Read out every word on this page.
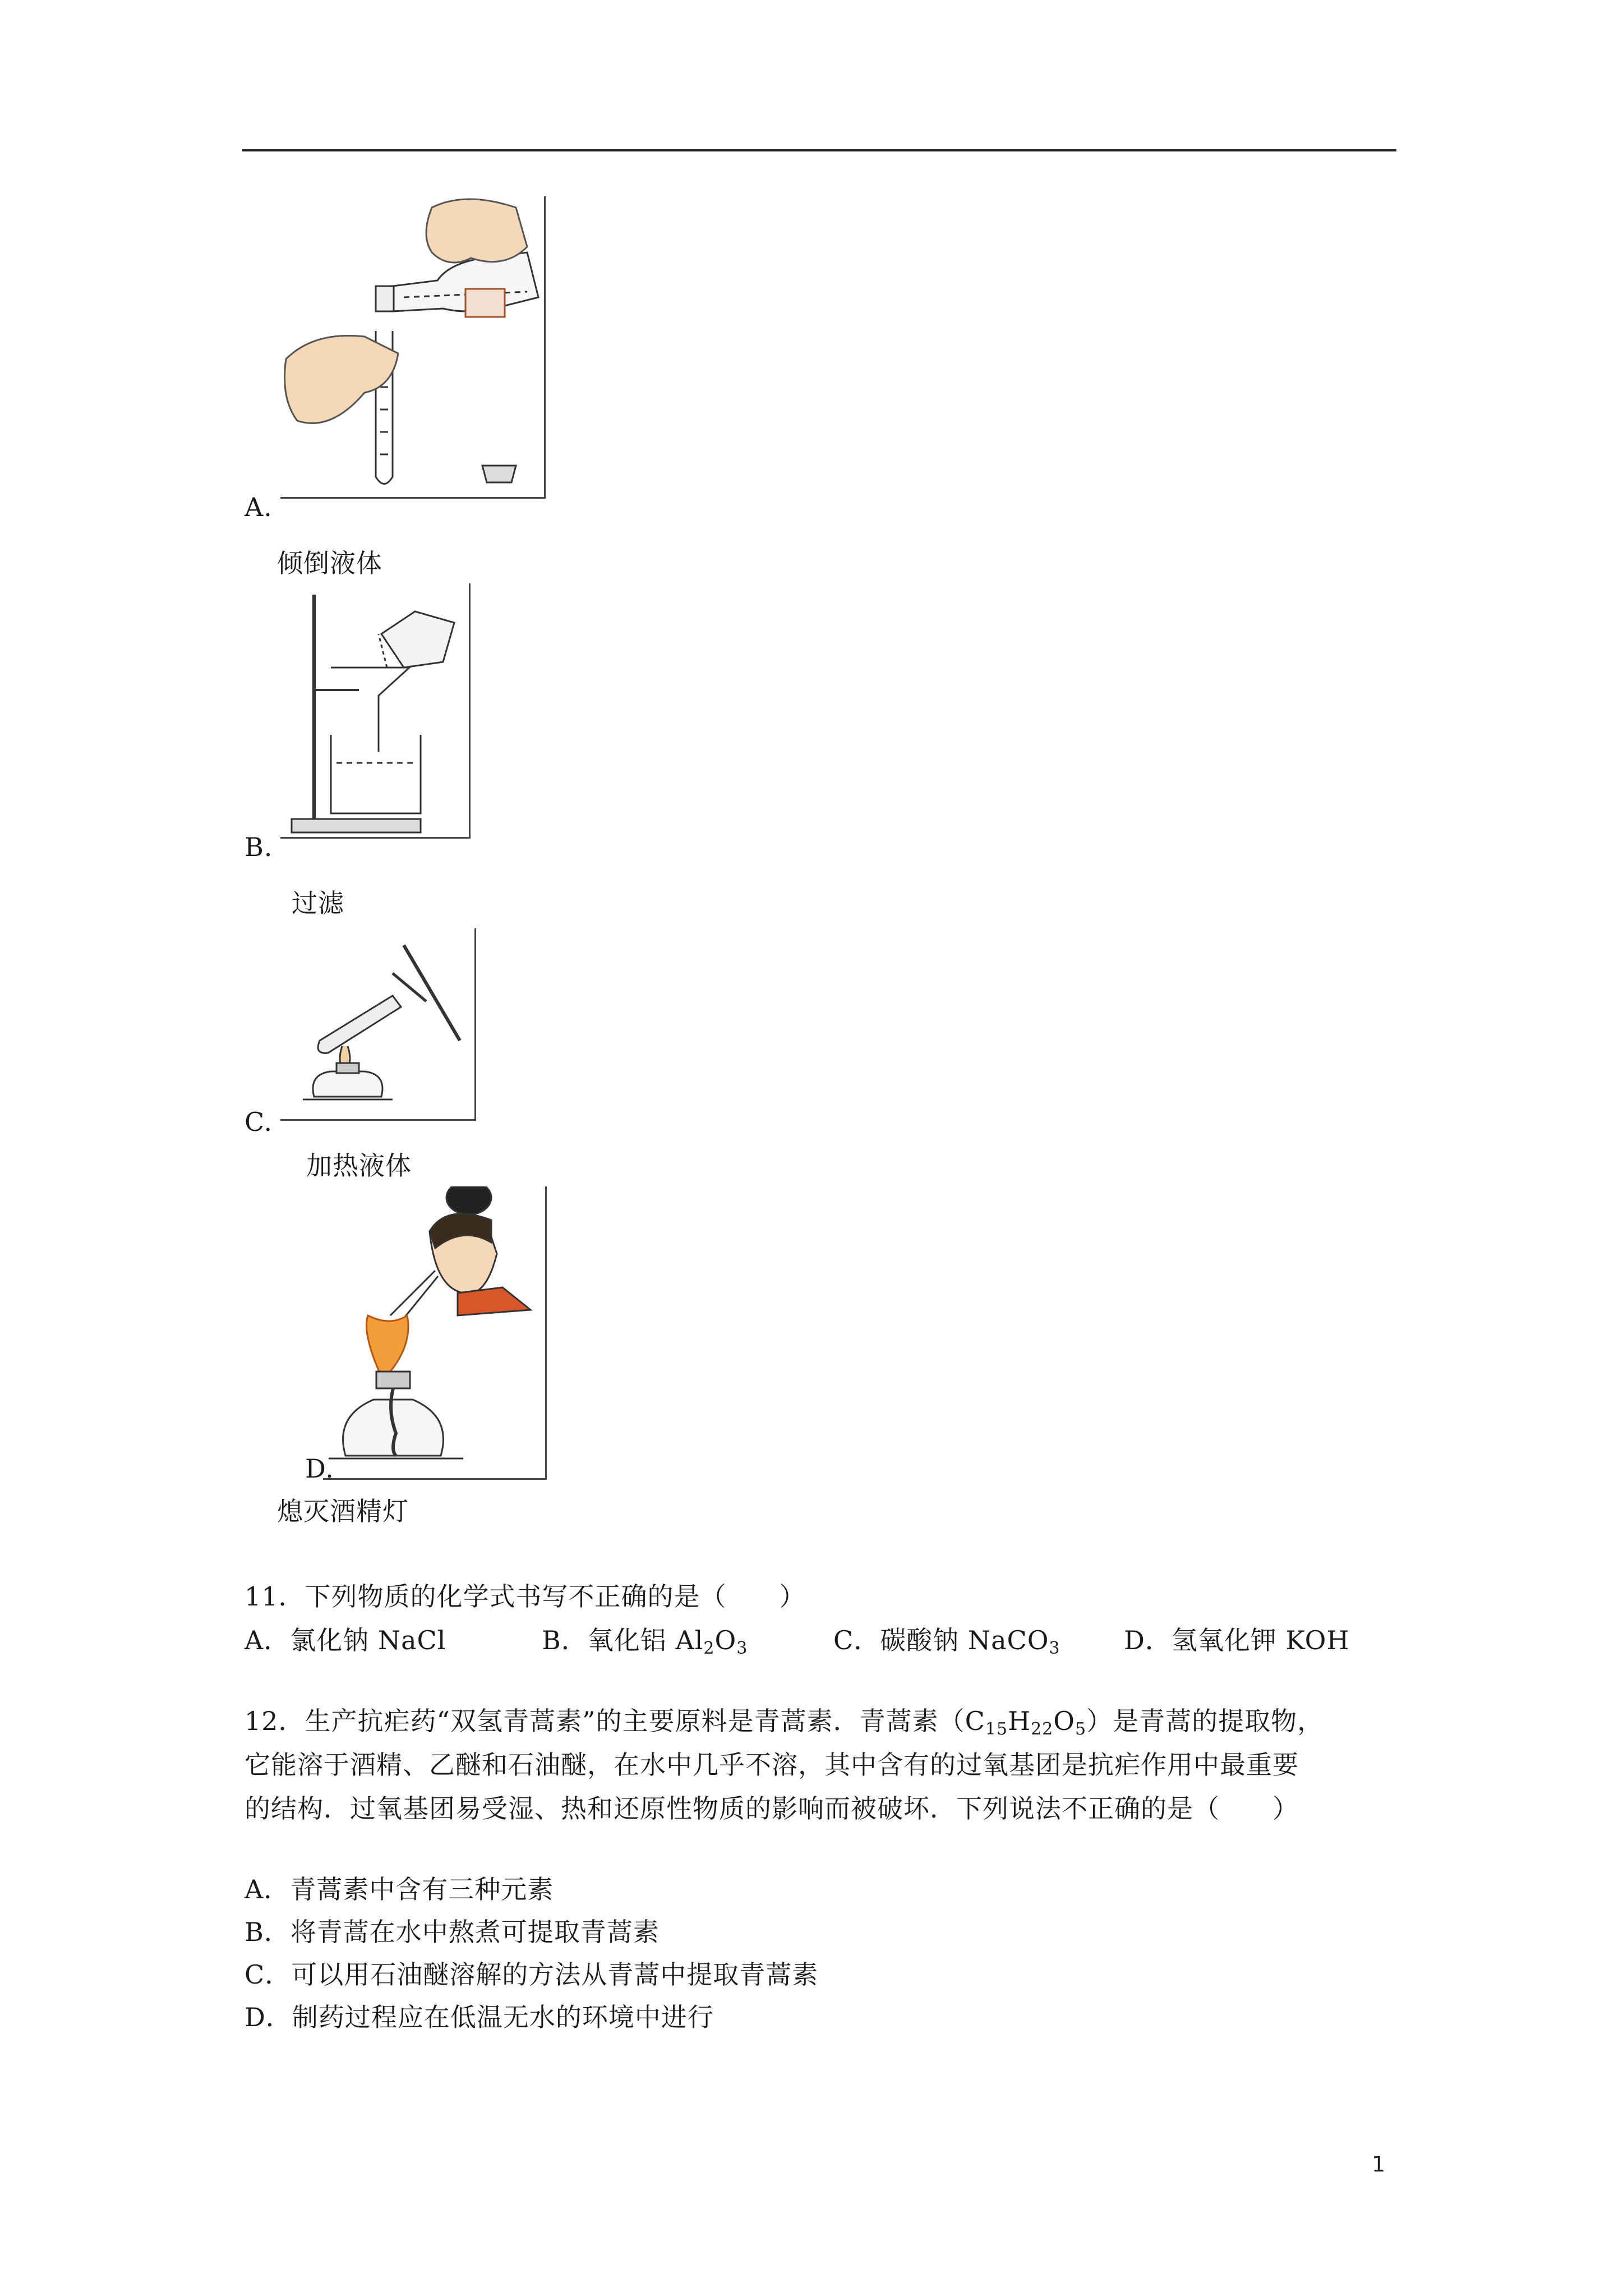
A.
倾倒液体
B.
过滤
C.
加热液体
D.
熄灭酒精灯
11．下列物质的化学式书写不正确的是（　　）
A．氯化钠 NaCl	B．氧化铝 $Al_2O_3$	C．碳酸钠 NaCO$_3$ D．氢氧化钾 KOH
12．生产抗疟药“双氢青蒿素”的主要原料是青蒿素．青蒿素$(C_{15}H_{22}O_5)$是青蒿的提取物，
它能溶于酒精、乙醚和石油醚，在水中几乎不溶，其中含有的过氧基团是抗疟作用中最重要
的结构．过氧基团易受湿、热和还原性物质的影响而被破坏．下列说法不正确的是（　　）
A．青蒿素中含有三种元素
B．将青蒿在水中熬煮可提取青蒿素
C．可以用石油醚溶解的方法从青蒿中提取青蒿素
D．制药过程应在低温无水的环境中进行
1
